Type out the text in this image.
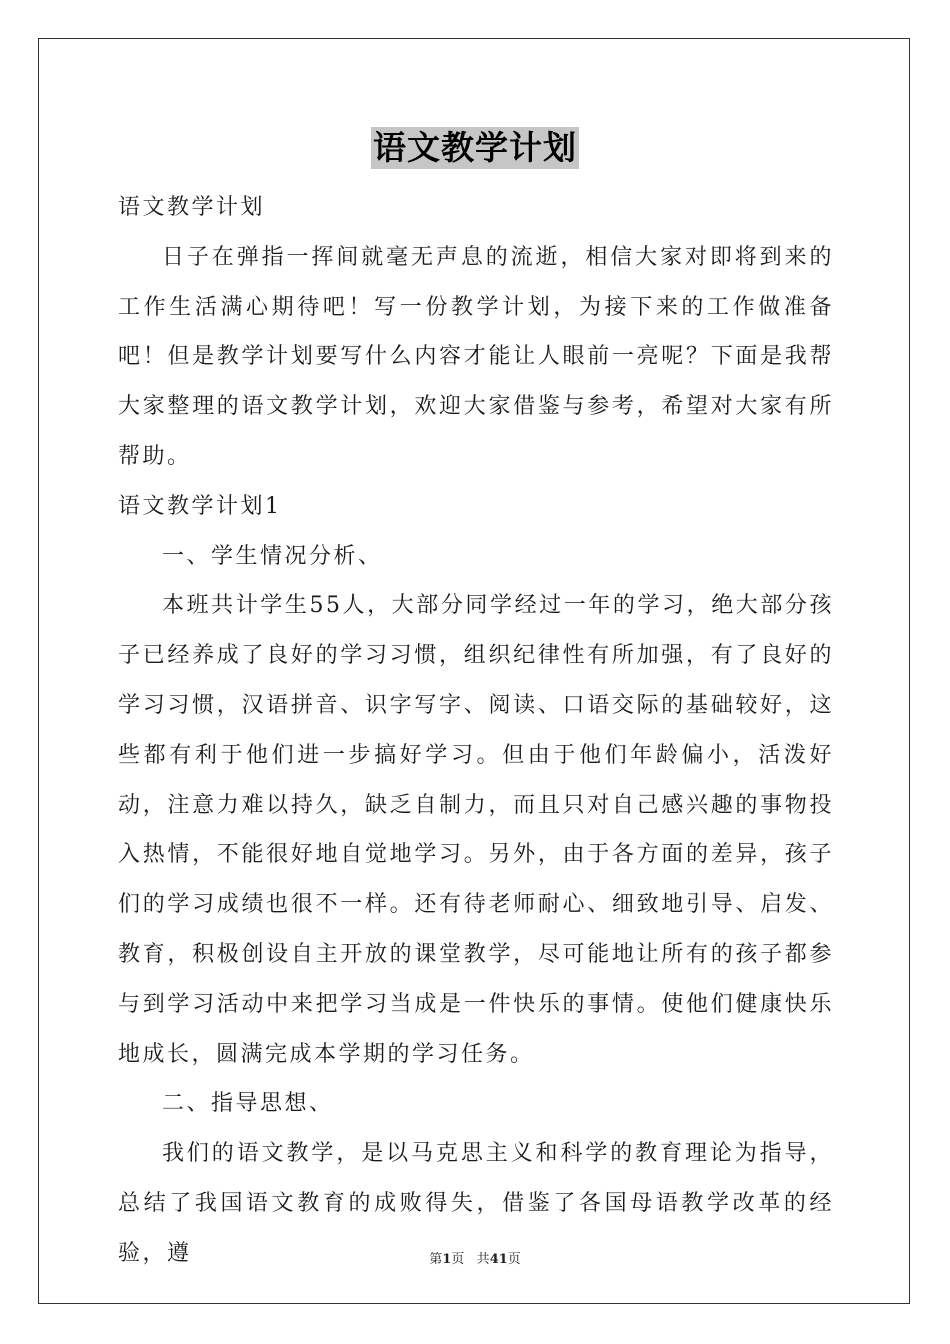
语文教学计划

语文教学计划

日子在弹指一挥间就毫无声息的流逝，相信大家对即将到来的工作生活满心期待吧！写一份教学计划，为接下来的工作做准备吧！但是教学计划要写什么内容才能让人眼前一亮呢？下面是我帮大家整理的语文教学计划，欢迎大家借鉴与参考，希望对大家有所帮助。

语文教学计划1

一、学生情况分析、

本班共计学生55人，大部分同学经过一年的学习，绝大部分孩子已经养成了良好的学习习惯，组织纪律性有所加强，有了良好的学习习惯，汉语拼音、识字写字、阅读、口语交际的基础较好，这些都有利于他们进一步搞好学习。但由于他们年龄偏小，活泼好动，注意力难以持久，缺乏自制力，而且只对自己感兴趣的事物投入热情，不能很好地自觉地学习。另外，由于各方面的差异，孩子们的学习成绩也很不一样。还有待老师耐心、细致地引导、启发、教育，积极创设自主开放的课堂教学，尽可能地让所有的孩子都参与到学习活动中来把学习当成是一件快乐的事情。使他们健康快乐地成长，圆满完成本学期的学习任务。

二、指导思想、

我们的语文教学，是以马克思主义和科学的教育理论为指导，总结了我国语文教育的成败得失，借鉴了各国母语教学改革的经验，遵	第1页 共41页
